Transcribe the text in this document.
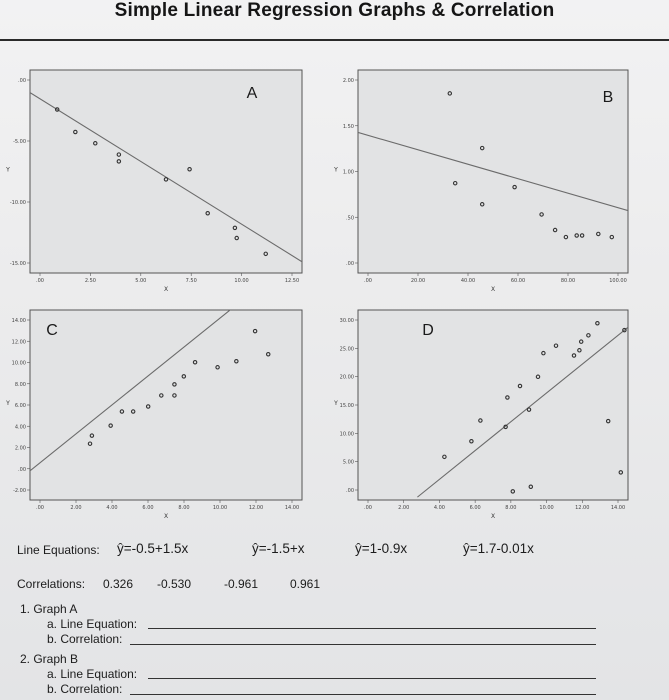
Simple Linear Regression Graphs & Correlation
.00	2.50	5.00	7.50	10.00	12.50
.00
-5.00
-10.00
-15.00
X
Y
A
.00	20.00	40.00	60.00	80.00	100.00
2.00
1.50
1.00
.50
.00
X
Y
B
.00	2.00	4.00	6.00	8.00	10.00	12.00	14.00
14.00
12.00
10.00
8.00
6.00
4.00
2.00
.00
-2.00
X
Y
C
.00	2.00	4.00	6.00	8.00	10.00	12.00	14.00
30.00
25.00
20.00
15.00
10.00
5.00
.00
X
Y
D
Line Equations: ŷ=-0.5+1.5x	ŷ=-1.5+x	ŷ=1-0.9x	ŷ=1.7-0.01x
Correlations: 0.326 -0.530	-0.961	0.961
1. Graph A
a. Line Equation:
b. Correlation:
2. Graph B
a. Line Equation:
b. Correlation:
